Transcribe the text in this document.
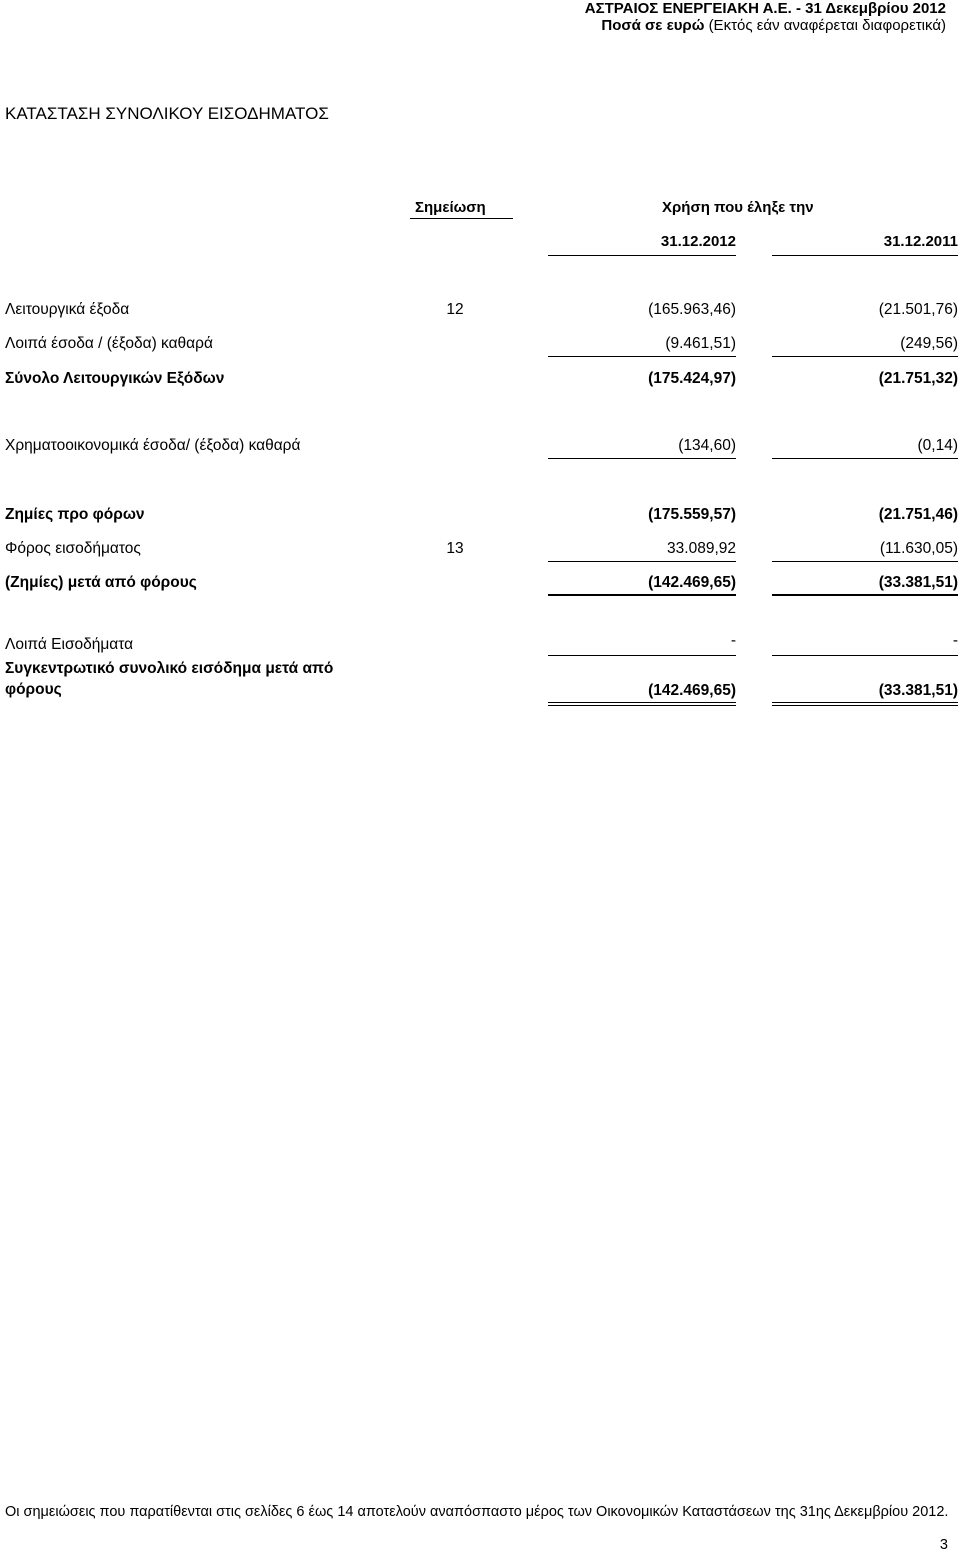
ΑΣΤΡΑΙΟΣ ΕΝΕΡΓΕΙΑΚΗ Α.Ε. - 31 Δεκεμβρίου 2012
Ποσά σε ευρώ (Εκτός εάν αναφέρεται διαφορετικά)
ΚΑΤΑΣΤΑΣΗ ΣΥΝΟΛΙΚΟΥ ΕΙΣΟΔΗΜΑΤΟΣ
Σημείωση	Χρήση που έληξε την
31.12.2012	31.12.2011
Λειτουργικά έξοδα	12	(165.963,46)	(21.501,76)
Λοιπά έσοδα / (έξοδα) καθαρά	(9.461,51)	(249,56)
Σύνολο Λειτουργικών Εξόδων	(175.424,97)	(21.751,32)
Χρηματοοικονομικά έσοδα/ (έξοδα) καθαρά	(134,60)	(0,14)
Ζημίες προ φόρων	(175.559,57)	(21.751,46)
Φόρος εισοδήματος	13	33.089,92	(11.630,05)
(Ζημίες) μετά από φόρους	(142.469,65)	(33.381,51)
Λοιπά Εισοδήματα	-	-
Συγκεντρωτικό συνολικό εισόδημα μετά από
φόρους	(142.469,65)	(33.381,51)
Οι σημειώσεις που παρατίθενται στις σελίδες 6 έως 14 αποτελούν αναπόσπαστο μέρος των Οικονομικών Καταστάσεων της 31ης Δεκεμβρίου 2012.
3
